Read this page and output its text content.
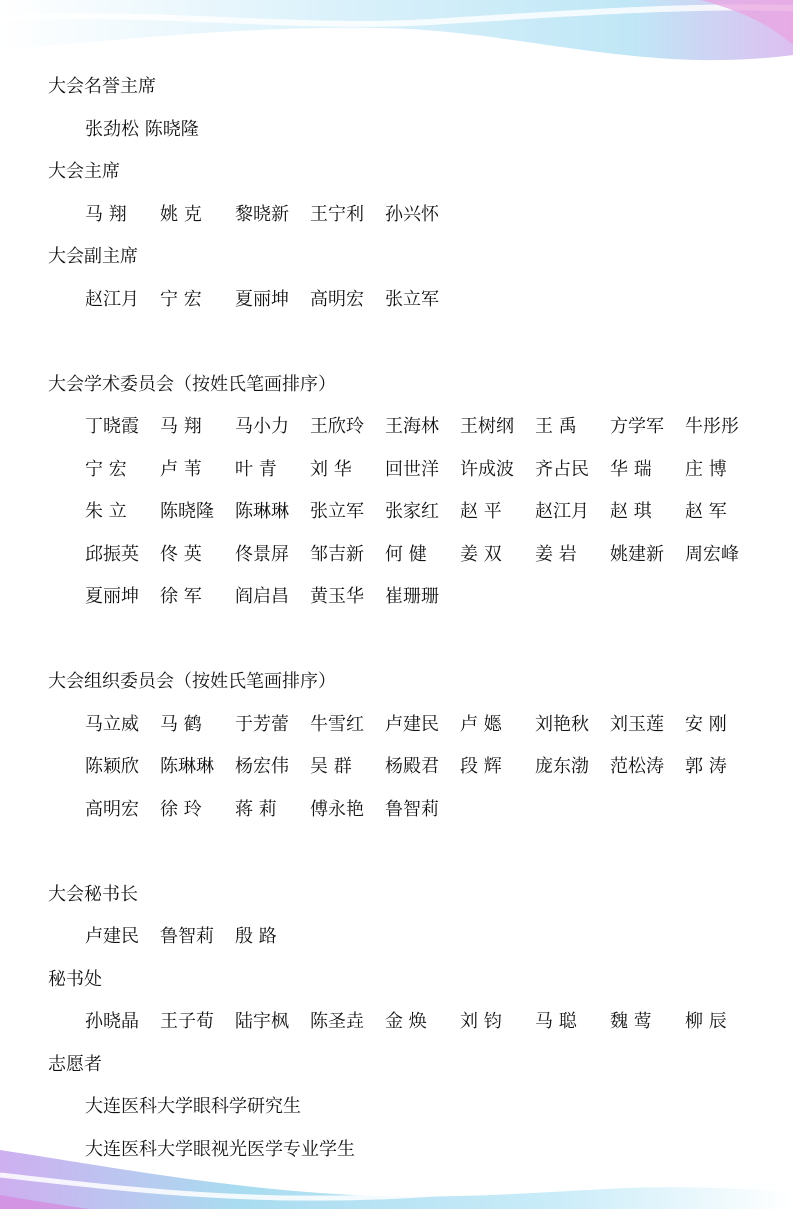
大会名誉主席
张劲松 陈晓隆
大会主席
马 翔	姚 克	黎晓新	王宁利	孙兴怀
大会副主席
赵江月	宁 宏	夏丽坤	高明宏	张立军
大会学术委员会（按姓氏笔画排序）
丁晓霞	马 翔	马小力	王欣玲	王海林	王树纲	王 禹	方学军	牛彤彤
宁 宏	卢 苇	叶 青	刘 华	回世洋	许成波	齐占民	华 瑞	庄 博
朱 立	陈晓隆	陈琳琳	张立军	张家红	赵 平	赵江月	赵 琪	赵 军
邱振英	佟 英	佟景屏	邹吉新	何 健	姜 双	姜 岩	姚建新	周宏峰
夏丽坤	徐 军	阎启昌	黄玉华	崔珊珊
大会组织委员会（按姓氏笔画排序）
马立威	马 鹤	于芳蕾	牛雪红	卢建民	卢 嫕	刘艳秋	刘玉莲	安 刚
陈颖欣	陈琳琳	杨宏伟	吴 群	杨殿君	段 辉	庞东渤	范松涛	郭 涛
高明宏	徐 玲	蒋 莉	傅永艳	鲁智莉
大会秘书长
卢建民	鲁智莉	殷 路
秘书处
孙晓晶	王子荀	陆宇枫	陈圣垚	金 焕	刘 钧	马 聪	魏 莺	柳 辰
志愿者
大连医科大学眼科学研究生
大连医科大学眼视光医学专业学生
